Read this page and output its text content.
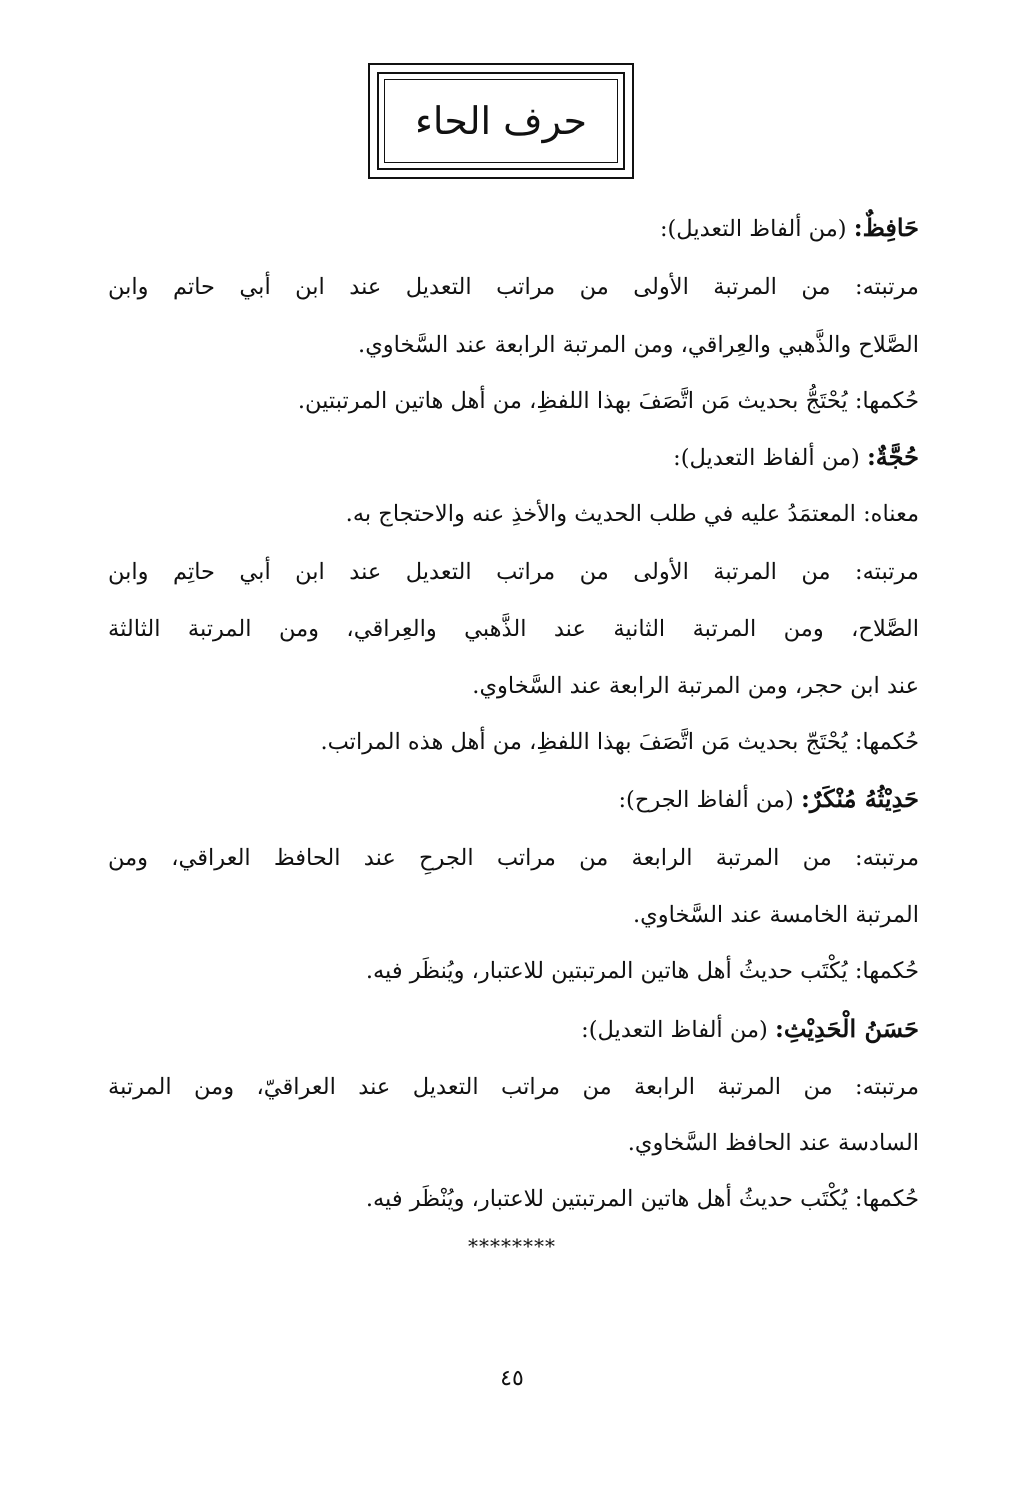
حرف الحاء
حَافِظٌ: (من ألفاظ التعديل):
مرتبته: من المرتبة الأولى من مراتب التعديل عند ابن أبي حاتم وابن
الصَّلاح والذَّهبي والعِراقي، ومن المرتبة الرابعة عند السَّخاوي.
حُكمها: يُحْتَجُّ بحديث مَن اتَّصَفَ بهذا اللفظِ، من أهل هاتين المرتبتين.
حُجَّةٌ: (من ألفاظ التعديل):
معناه: المعتمَدُ عليه في طلب الحديث والأخذِ عنه والاحتجاج به.
مرتبته: من المرتبة الأولى من مراتب التعديل عند ابن أبي حاتِم وابن
الصَّلاح، ومن المرتبة الثانية عند الذَّهبي والعِراقي، ومن المرتبة الثالثة
عند ابن حجر، ومن المرتبة الرابعة عند السَّخاوي.
حُكمها: يُحْتَجّ بحديث مَن اتَّصَفَ بهذا اللفظِ، من أهل هذه المراتب.
حَدِيْثُهُ مُنْكَرٌ: (من ألفاظ الجرح):
مرتبته: من المرتبة الرابعة من مراتب الجرحِ عند الحافظ العراقي، ومن
المرتبة الخامسة عند السَّخاوي.
حُكمها: يُكْتَب حديثُ أهل هاتين المرتبتين للاعتبار، ويُنظَر فيه.
حَسَنُ الْحَدِيْثِ: (من ألفاظ التعديل):
مرتبته: من المرتبة الرابعة من مراتب التعديل عند العراقيّ، ومن المرتبة
السادسة عند الحافظ السَّخاوي.
حُكمها: يُكْتَب حديثُ أهل هاتين المرتبتين للاعتبار، ويُنْظَر فيه.
********
٤٥
